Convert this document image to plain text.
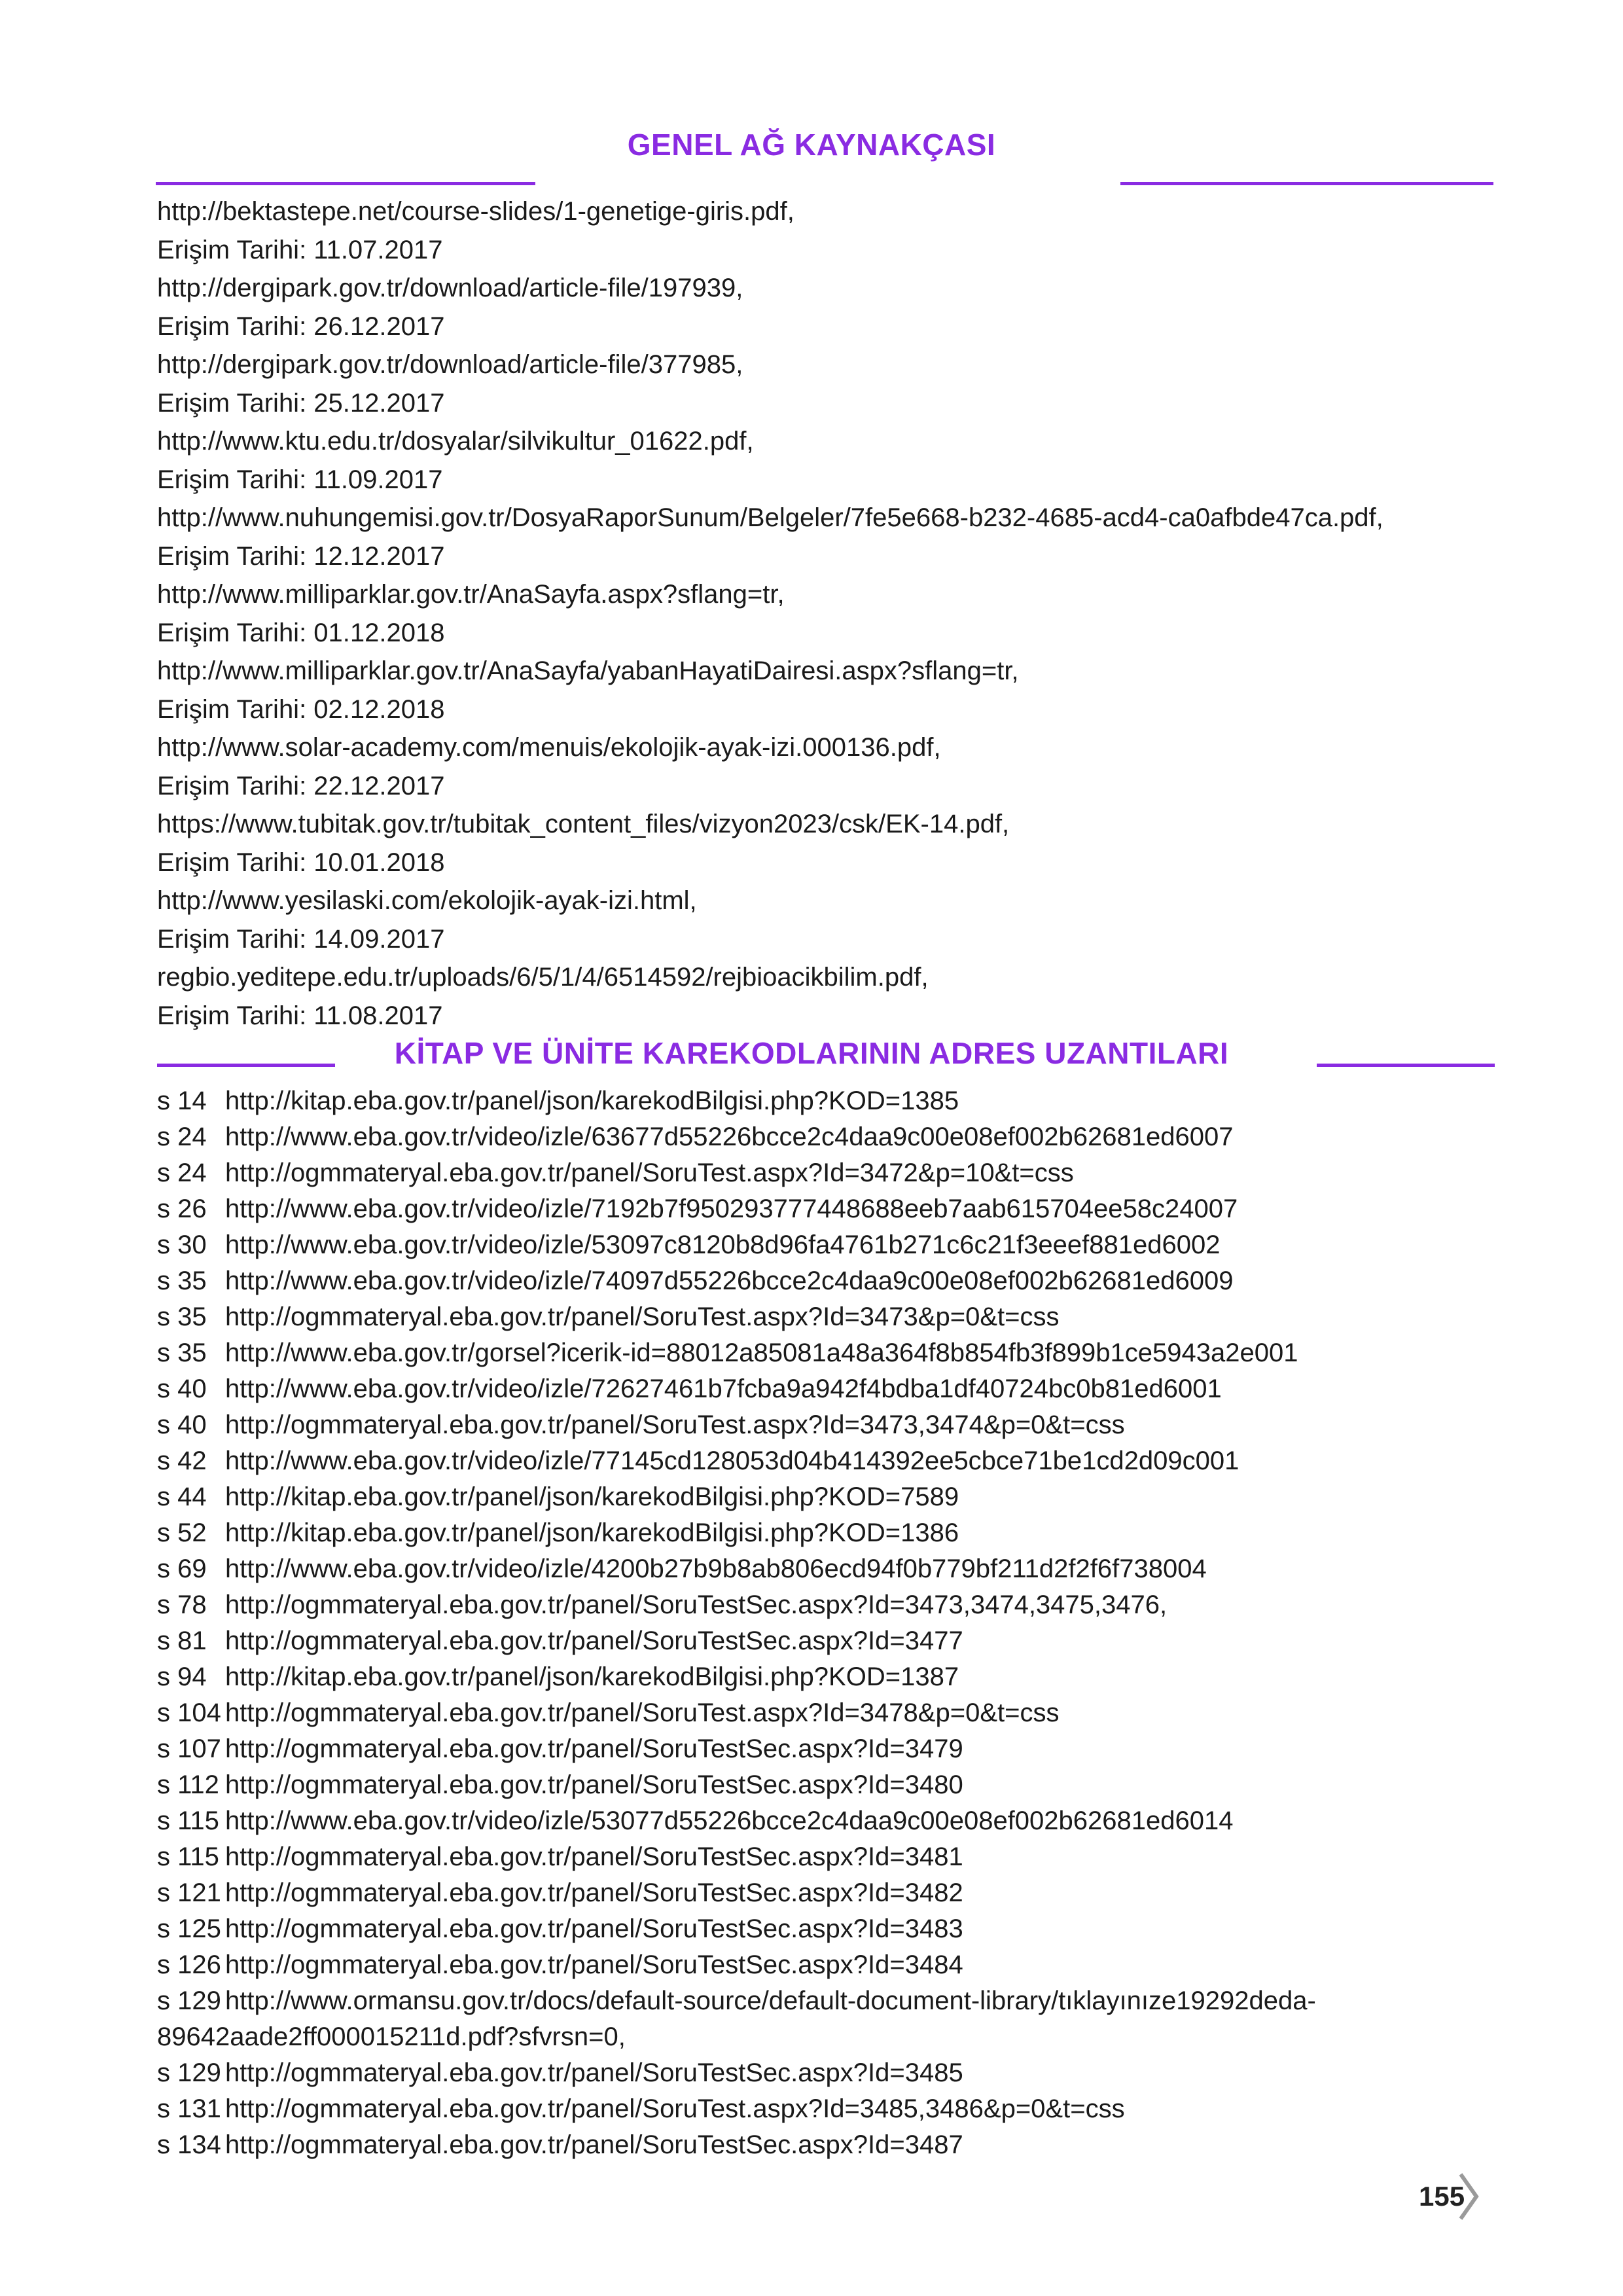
GENEL AĞ KAYNAKÇASI
http://bektastepe.net/course-slides/1-genetige-giris.pdf,
Erişim Tarihi: 11.07.2017
http://dergipark.gov.tr/download/article-file/197939,
Erişim Tarihi: 26.12.2017
http://dergipark.gov.tr/download/article-file/377985,
Erişim Tarihi: 25.12.2017
http://www.ktu.edu.tr/dosyalar/silvikultur_01622.pdf,
Erişim Tarihi: 11.09.2017
http://www.nuhungemisi.gov.tr/DosyaRaporSunum/Belgeler/7fe5e668-b232-4685-acd4-ca0afbde47ca.pdf,
Erişim Tarihi: 12.12.2017
http://www.milliparklar.gov.tr/AnaSayfa.aspx?sflang=tr,
Erişim Tarihi: 01.12.2018
http://www.milliparklar.gov.tr/AnaSayfa/yabanHayatiDairesi.aspx?sflang=tr,
Erişim Tarihi: 02.12.2018
http://www.solar-academy.com/menuis/ekolojik-ayak-izi.000136.pdf,
Erişim Tarihi: 22.12.2017
https://www.tubitak.gov.tr/tubitak_content_files/vizyon2023/csk/EK-14.pdf,
Erişim Tarihi: 10.01.2018
http://www.yesilaski.com/ekolojik-ayak-izi.html,
Erişim Tarihi: 14.09.2017
regbio.yeditepe.edu.tr/uploads/6/5/1/4/6514592/rejbioacikbilim.pdf,
Erişim Tarihi: 11.08.2017
KİTAP VE ÜNİTE KAREKODLARININ ADRES UZANTILARI
s 14 http://kitap.eba.gov.tr/panel/json/karekodBilgisi.php?KOD=1385
s 24 http://www.eba.gov.tr/video/izle/63677d55226bcce2c4daa9c00e08ef002b62681ed6007
s 24 http://ogmmateryal.eba.gov.tr/panel/SoruTest.aspx?Id=3472&p=10&t=css
s 26 http://www.eba.gov.tr/video/izle/7192b7f950293777448688eeb7aab615704ee58c24007
s 30 http://www.eba.gov.tr/video/izle/53097c8120b8d96fa4761b271c6c21f3eeef881ed6002
s 35 http://www.eba.gov.tr/video/izle/74097d55226bcce2c4daa9c00e08ef002b62681ed6009
s 35 http://ogmmateryal.eba.gov.tr/panel/SoruTest.aspx?Id=3473&p=0&t=css
s 35 http://www.eba.gov.tr/gorsel?icerik-id=88012a85081a48a364f8b854fb3f899b1ce5943a2e001
s 40 http://www.eba.gov.tr/video/izle/72627461b7fcba9a942f4bdba1df40724bc0b81ed6001
s 40 http://ogmmateryal.eba.gov.tr/panel/SoruTest.aspx?Id=3473,3474&p=0&t=css
s 42 http://www.eba.gov.tr/video/izle/77145cd128053d04b414392ee5cbce71be1cd2d09c001
s 44 http://kitap.eba.gov.tr/panel/json/karekodBilgisi.php?KOD=7589
s 52 http://kitap.eba.gov.tr/panel/json/karekodBilgisi.php?KOD=1386
s 69 http://www.eba.gov.tr/video/izle/4200b27b9b8ab806ecd94f0b779bf211d2f2f6f738004
s 78 http://ogmmateryal.eba.gov.tr/panel/SoruTestSec.aspx?Id=3473,3474,3475,3476,
s 81 http://ogmmateryal.eba.gov.tr/panel/SoruTestSec.aspx?Id=3477
s 94 http://kitap.eba.gov.tr/panel/json/karekodBilgisi.php?KOD=1387
s 104 http://ogmmateryal.eba.gov.tr/panel/SoruTest.aspx?Id=3478&p=0&t=css
s 107 http://ogmmateryal.eba.gov.tr/panel/SoruTestSec.aspx?Id=3479
s 112 http://ogmmateryal.eba.gov.tr/panel/SoruTestSec.aspx?Id=3480
s 115 http://www.eba.gov.tr/video/izle/53077d55226bcce2c4daa9c00e08ef002b62681ed6014
s 115 http://ogmmateryal.eba.gov.tr/panel/SoruTestSec.aspx?Id=3481
s 121 http://ogmmateryal.eba.gov.tr/panel/SoruTestSec.aspx?Id=3482
s 125 http://ogmmateryal.eba.gov.tr/panel/SoruTestSec.aspx?Id=3483
s 126 http://ogmmateryal.eba.gov.tr/panel/SoruTestSec.aspx?Id=3484
s 129 http://www.ormansu.gov.tr/docs/default-source/default-document-library/tıklayınıze19292deda-89642aade2ff000015211d.pdf?sfvrsn=0,
s 129 http://ogmmateryal.eba.gov.tr/panel/SoruTestSec.aspx?Id=3485
s 131 http://ogmmateryal.eba.gov.tr/panel/SoruTest.aspx?Id=3485,3486&p=0&t=css
s 134 http://ogmmateryal.eba.gov.tr/panel/SoruTestSec.aspx?Id=3487
155
